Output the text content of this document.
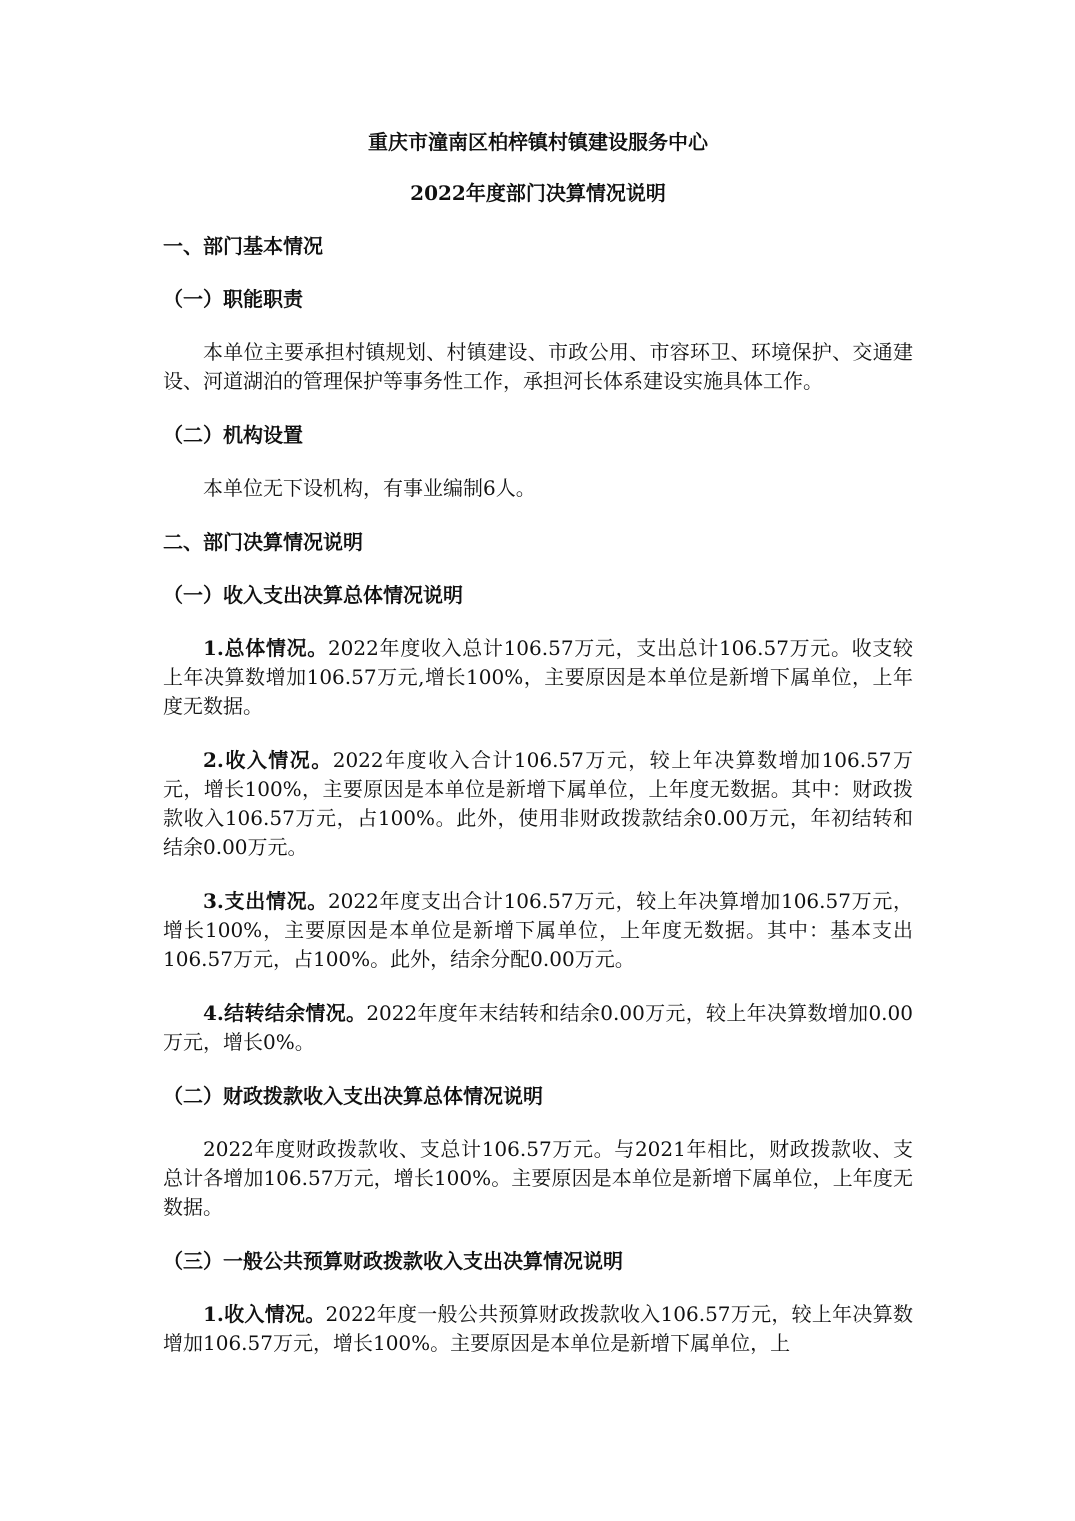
重庆市潼南区柏梓镇村镇建设服务中心

2022年度部门决算情况说明

一、部门基本情况

（一）职能职责

本单位主要承担村镇规划、村镇建设、市政公用、市容环卫、环境保护、交通建设、河道湖泊的管理保护等事务性工作，承担河长体系建设实施具体工作。

（二）机构设置

本单位无下设机构，有事业编制6人。

二、部门决算情况说明

（一）收入支出决算总体情况说明

1.总体情况。2022年度收入总计106.57万元，支出总计106.57万元。收支较上年决算数增加106.57万元,增长100%，主要原因是本单位是新增下属单位，上年度无数据。

2.收入情况。2022年度收入合计106.57万元，较上年决算数增加106.57万元，增长100%，主要原因是本单位是新增下属单位，上年度无数据。其中：财政拨款收入106.57万元，占100%。此外，使用非财政拨款结余0.00万元，年初结转和结余0.00万元。

3.支出情况。2022年度支出合计106.57万元，较上年决算增加106.57万元，增长100%，主要原因是本单位是新增下属单位，上年度无数据。其中：基本支出106.57万元，占100%。此外，结余分配0.00万元。

4.结转结余情况。2022年度年末结转和结余0.00万元，较上年决算数增加0.00万元，增长0%。

（二）财政拨款收入支出决算总体情况说明

2022年度财政拨款收、支总计106.57万元。与2021年相比，财政拨款收、支总计各增加106.57万元，增长100%。主要原因是本单位是新增下属单位，上年度无数据。

（三）一般公共预算财政拨款收入支出决算情况说明

1.收入情况。2022年度一般公共预算财政拨款收入106.57万元，较上年决算数增加106.57万元，增长100%。主要原因是本单位是新增下属单位，上
